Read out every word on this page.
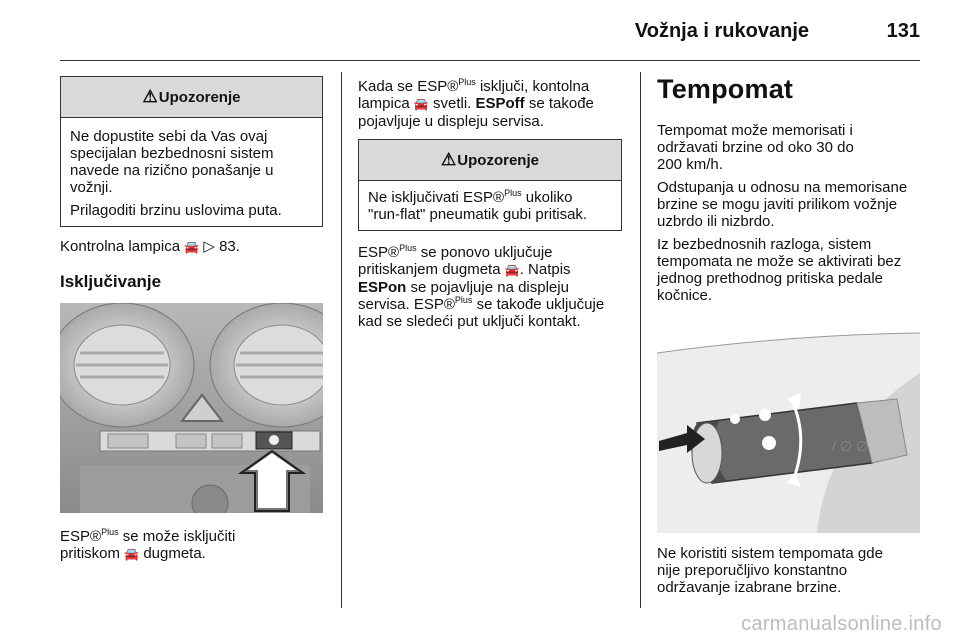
Vožnja i rukovanje	131
⚠ Upozorenje

Ne dopustite sebi da Vas ovaj specijalan bezbednosni sistem navede na rizično ponašanje u vožnji.

Prilagoditi brzinu uslovima puta.

Kontrolna lampica 🚘 ▷ 83.
Isključivanje
ESP®$^{Plus}$ se može isključiti
pritiskom 🚘 dugmeta.
Kada se ESP®$^{Plus}$ isključi, kontolna
lampica 🚘 svetli. ESPoff se takođe
pojavljuje u displeju servisa.
⚠ Upozorenje
Ne isključivati ESP®$^{Plus}$ ukoliko
"run-flat" pneumatik gubi pritisak.
ESP®$^{Plus}$ se ponovo uključuje
pritiskanjem dugmeta 🚘. Natpis
ESPon se pojavljuje na displeju
servisa. ESP®$^{Plus}$ se takođe uključuje
kad se sledeći put uključi kontakt.
Tempomat

Tempomat može memorisati i održavati brzine od oko 30 do 200 km/h.

Odstupanja u odnosu na memorisane brzine se mogu javiti prilikom vožnje uzbrdo ili nizbrdo.

Iz bezbednosnih razloga, sistem tempomata ne može se aktivirati bez jednog prethodnog pritiska pedale kočnice.

/ ∅ ∅

Ne koristiti sistem tempomata gde nije preporučljivo konstantno održavanje izabrane brzine.

carmanualsonline.info
